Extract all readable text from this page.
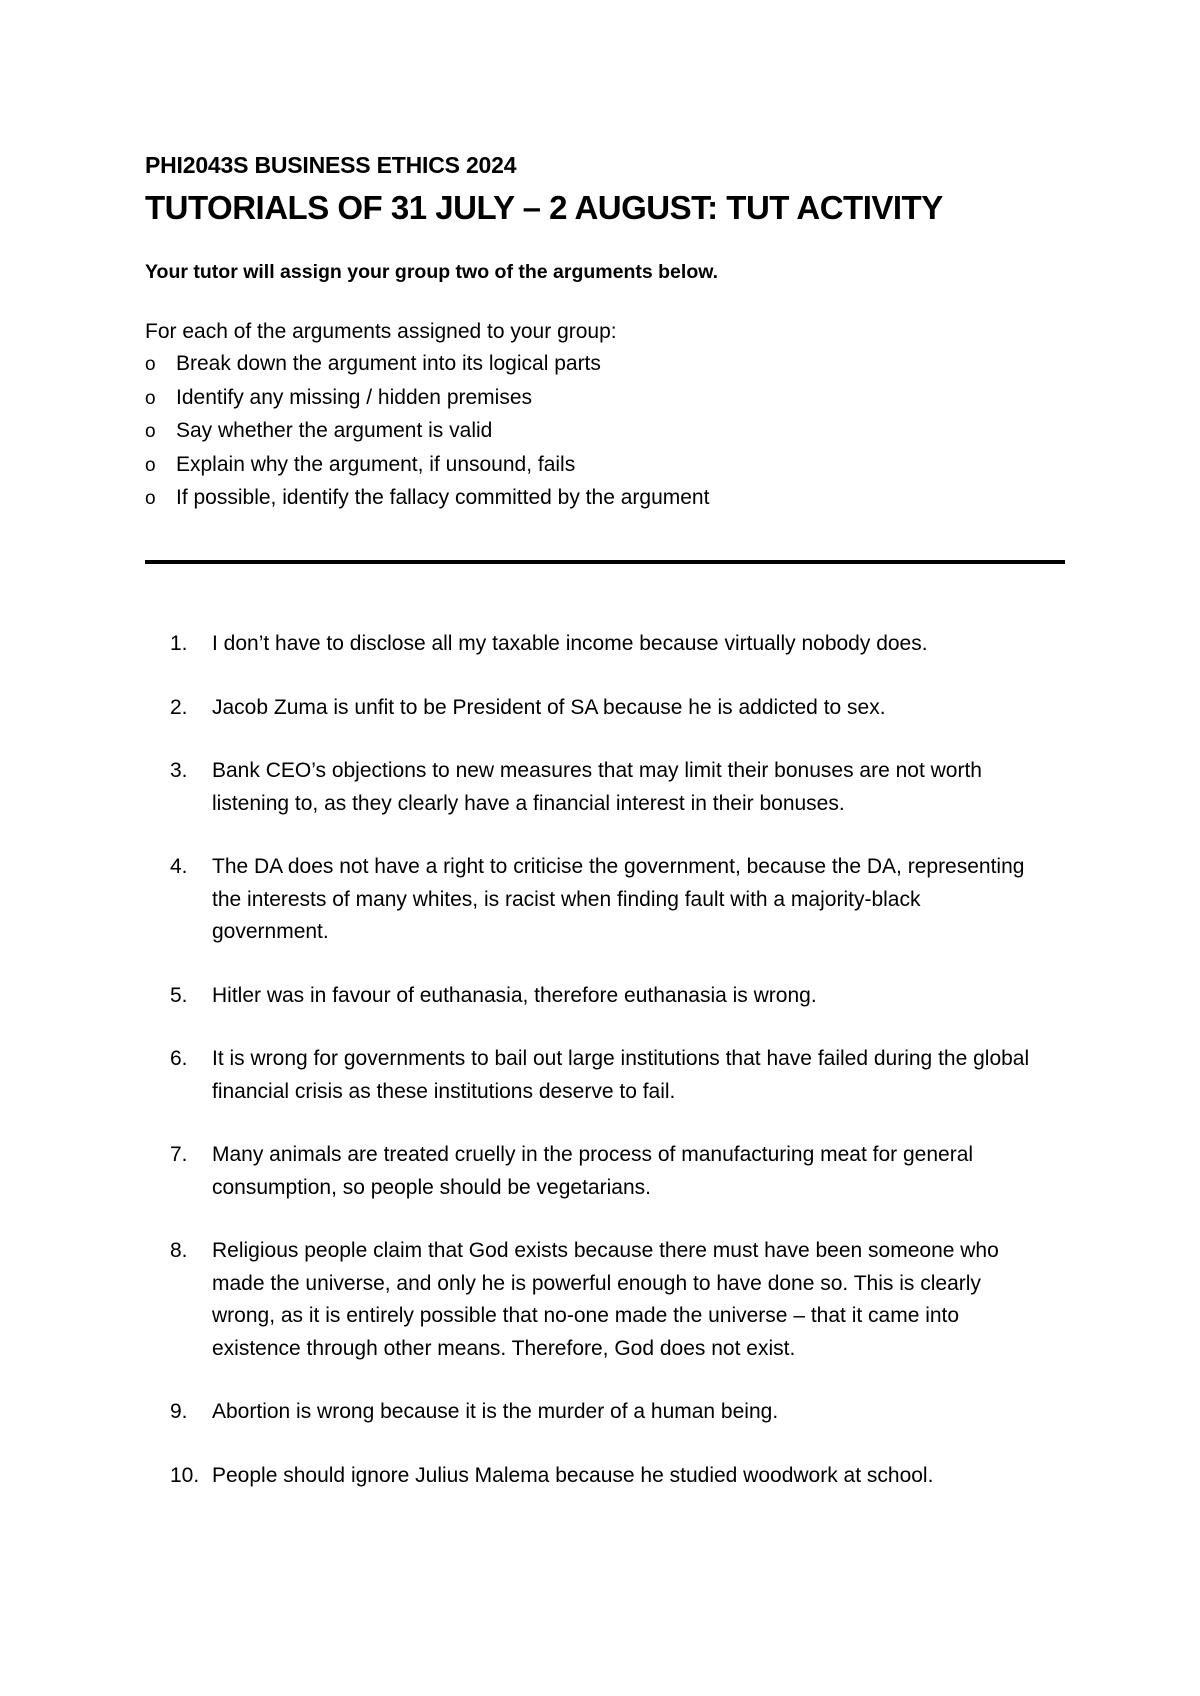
PHI2043S BUSINESS ETHICS 2024

TUTORIALS OF 31 JULY – 2 AUGUST: TUT ACTIVITY

Your tutor will assign your group two of the arguments below.

For each of the arguments assigned to your group:

o Break down the argument into its logical parts
o Identify any missing / hidden premises
o Say whether the argument is valid
o Explain why the argument, if unsound, fails
o If possible, identify the fallacy committed by the argument
1.	I don’t have to disclose all my taxable income because virtually nobody does.
2.	Jacob Zuma is unfit to be President of SA because he is addicted to sex.
3.	Bank CEO’s objections to new measures that may limit their bonuses are not worth listening to, as they clearly have a financial interest in their bonuses.
4.	The DA does not have a right to criticise the government, because the DA, representing the interests of many whites, is racist when finding fault with a majority-black government.
5.	Hitler was in favour of euthanasia, therefore euthanasia is wrong.
6.	It is wrong for governments to bail out large institutions that have failed during the global financial crisis as these institutions deserve to fail.
7.	Many animals are treated cruelly in the process of manufacturing meat for general consumption, so people should be vegetarians.
8.	Religious people claim that God exists because there must have been someone who made the universe, and only he is powerful enough to have done so. This is clearly wrong, as it is entirely possible that no-one made the universe – that it came into existence through other means. Therefore, God does not exist.
9.	Abortion is wrong because it is the murder of a human being.
10. People should ignore Julius Malema because he studied woodwork at school.
